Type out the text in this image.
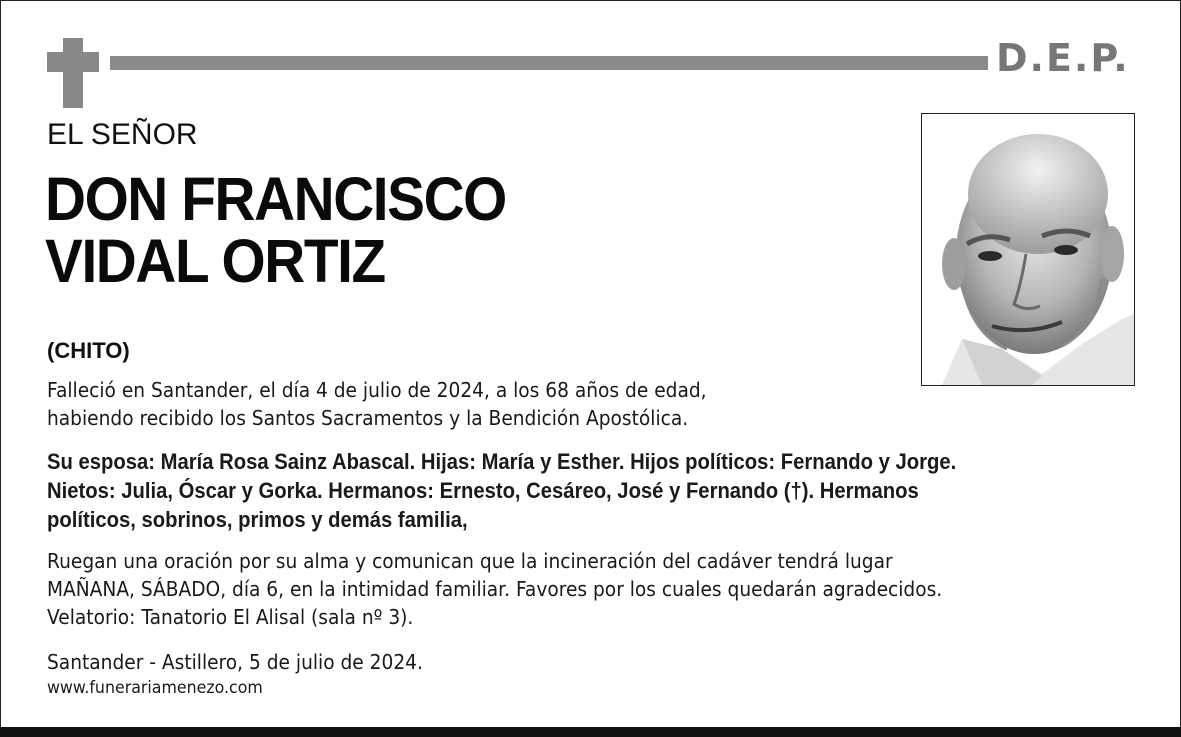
D.E.P.
EL SEÑOR
DON FRANCISCO
VIDAL ORTIZ
(CHITO)
Falleció en Santander, el día 4 de julio de 2024, a los 68 años de edad,
habiendo recibido los Santos Sacramentos y la Bendición Apostólica.
Su esposa: María Rosa Sainz Abascal. Hijas: María y Esther. Hijos políticos: Fernando y Jorge.
Nietos: Julia, Óscar y Gorka. Hermanos: Ernesto, Cesáreo, José y Fernando (†). Hermanos
políticos, sobrinos, primos y demás familia,
Ruegan una oración por su alma y comunican que la incineración del cadáver tendrá lugar
MAÑANA, SÁBADO, día 6, en la intimidad familiar. Favores por los cuales quedarán agradecidos.
Velatorio: Tanatorio El Alisal (sala nº 3).
Santander - Astillero, 5 de julio de 2024.
www.funerariamenezo.com
